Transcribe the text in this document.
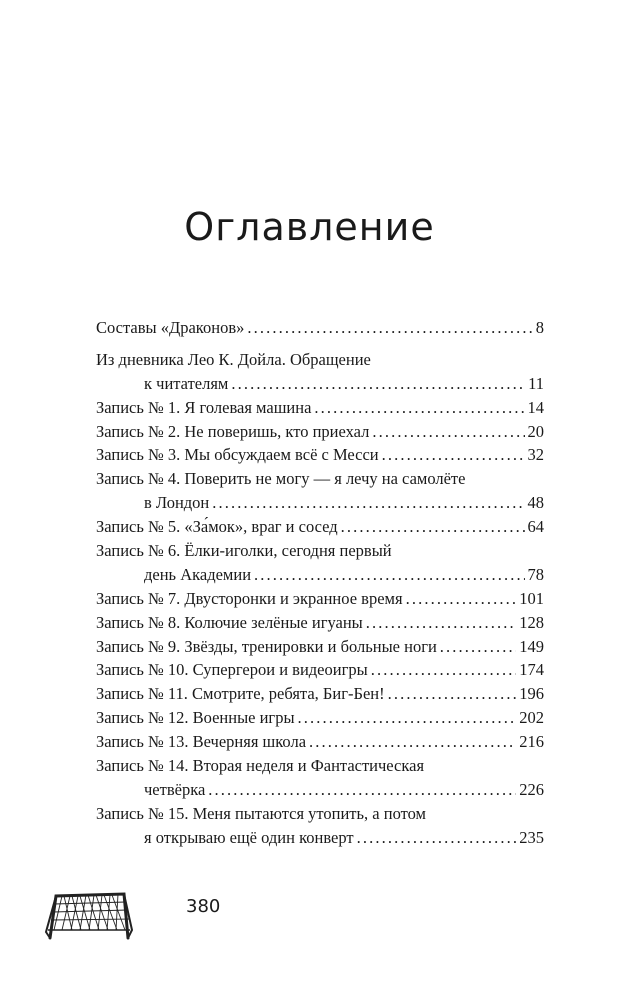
Оглавление
Составы «Драконов» . . .	8
Из дневника Лео К. Дойла. Обращение
к читателям . . .	11
Запись № 1. Я голевая машина . . .	14
Запись № 2. Не поверишь, кто приехал . . .	20
Запись № 3. Мы обсуждаем всё с Месси . . .	32
Запись № 4. Поверить не могу — я лечу на самолёте
в Лондон . . .	48
Запись № 5. «За́мок», враг и сосед . . .	64
Запись № 6. Ёлки-иголки, сегодня первый
день Академии . . .	78
Запись № 7. Двусторонки и экранное время . . .	101
Запись № 8. Колючие зелёные игуаны . . .	128
Запись № 9. Звёзды, тренировки и больные ноги . . .	149
Запись № 10. Супергерои и видеоигры . . .	174
Запись № 11. Смотрите, ребята, Биг-Бен! . . .	196
Запись № 12. Военные игры . . .	202
Запись № 13. Вечерняя школа . . .	216
Запись № 14. Вторая неделя и Фантастическая
четвёрка . . .	226
Запись № 15. Меня пытаются утопить, а потом
я открываю ещё один конверт . . .	235
380
